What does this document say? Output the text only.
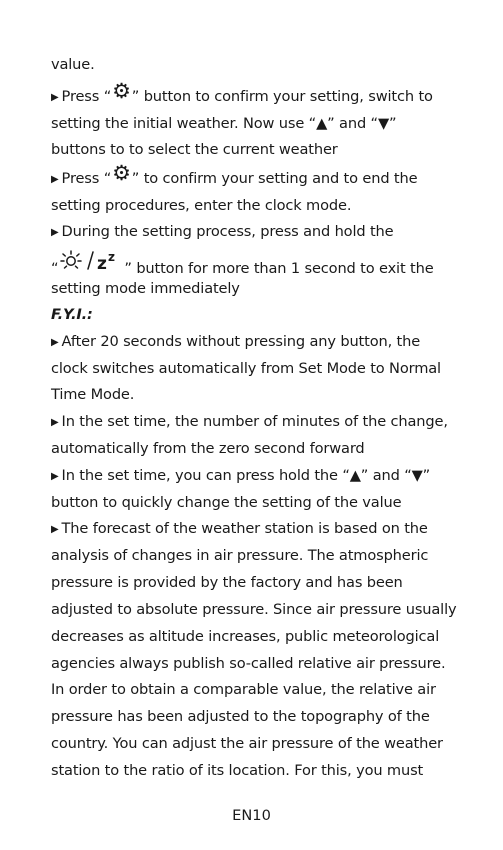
value.
▶ Press “⚙” button to confirm your setting, switch to
setting the initial weather. Now use “▲” and “▼”
buttons to to select the current weather
▶ Press “⚙” to confirm your setting and to end the
setting procedures, enter the clock mode.
▶ During the setting process, press and hold the
“ z z
” button for more than 1 second to exit the
setting mode immediately
F.Y.I.:
▶ After 20 seconds without pressing any button, the
clock switches automatically from Set Mode to Normal
Time Mode.
▶ In the set time, the number of minutes of the change,
automatically from the zero second forward
▶ In the set time, you can press hold the “▲” and “▼”
button to quickly change the setting of the value
▶ The forecast of the weather station is based on the
analysis of changes in air pressure. The atmospheric
pressure is provided by the factory and has been
adjusted to absolute pressure. Since air pressure usually
decreases as altitude increases, public meteorological
agencies always publish so-called relative air pressure.
In order to obtain a comparable value, the relative air
pressure has been adjusted to the topography of the
country. You can adjust the air pressure of the weather
station to the ratio of its location. For this, you must
EN10
